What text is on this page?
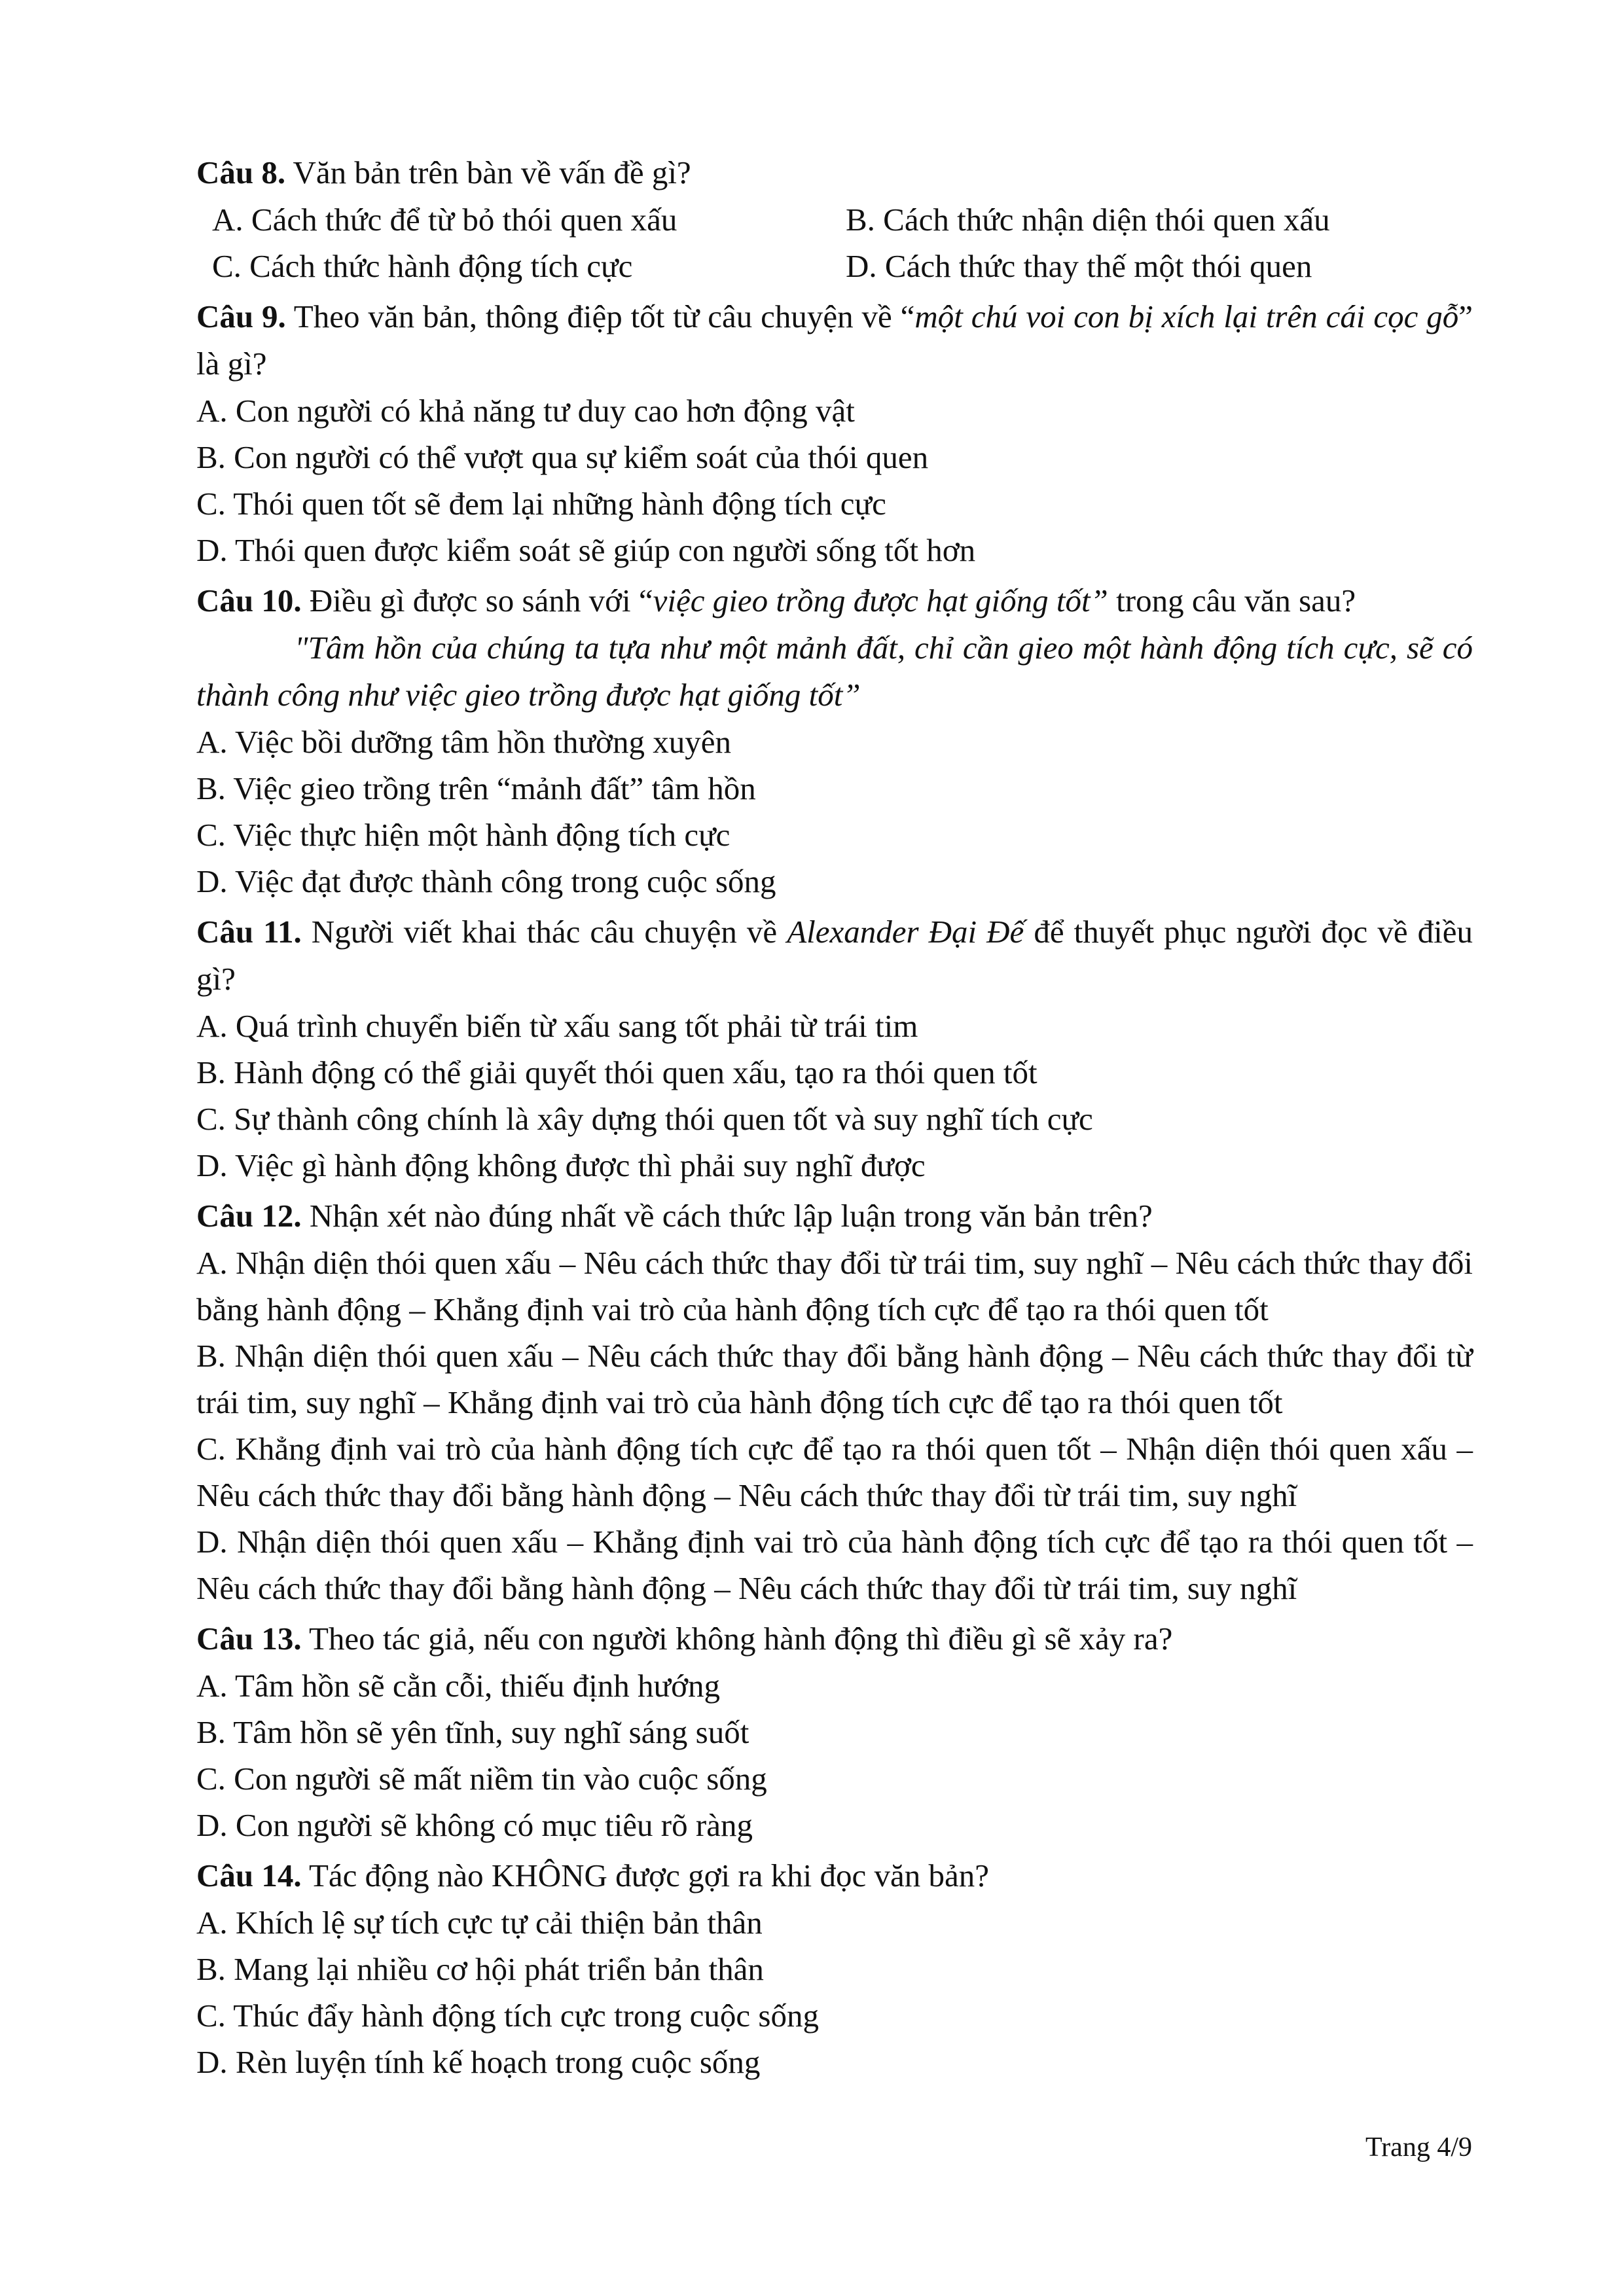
Câu 8. Văn bản trên bàn về vấn đề gì?

A. Cách thức để từ bỏ thói quen xấu	B. Cách thức nhận diện thói quen xấu

C. Cách thức hành động tích cực	D. Cách thức thay thế một thói quen

Câu 9. Theo văn bản, thông điệp tốt từ câu chuyện về “một chú voi con bị xích lại trên cái cọc gỗ” là gì?

A. Con người có khả năng tư duy cao hơn động vật

B. Con người có thể vượt qua sự kiểm soát của thói quen

C. Thói quen tốt sẽ đem lại những hành động tích cực

D. Thói quen được kiểm soát sẽ giúp con người sống tốt hơn

Câu 10. Điều gì được so sánh với “việc gieo trồng được hạt giống tốt” trong câu văn sau?

"Tâm hồn của chúng ta tựa như một mảnh đất, chỉ cần gieo một hành động tích cực, sẽ có thành công như việc gieo trồng được hạt giống tốt”

A. Việc bồi dưỡng tâm hồn thường xuyên

B. Việc gieo trồng trên “mảnh đất” tâm hồn

C. Việc thực hiện một hành động tích cực

D. Việc đạt được thành công trong cuộc sống

Câu 11. Người viết khai thác câu chuyện về Alexander Đại Đế để thuyết phục người đọc về điều gì?

A. Quá trình chuyển biến từ xấu sang tốt phải từ trái tim

B. Hành động có thể giải quyết thói quen xấu, tạo ra thói quen tốt

C. Sự thành công chính là xây dựng thói quen tốt và suy nghĩ tích cực

D. Việc gì hành động không được thì phải suy nghĩ được

Câu 12. Nhận xét nào đúng nhất về cách thức lập luận trong văn bản trên?

A. Nhận diện thói quen xấu – Nêu cách thức thay đổi từ trái tim, suy nghĩ – Nêu cách thức thay đổi bằng hành động – Khẳng định vai trò của hành động tích cực để tạo ra thói quen tốt

B. Nhận diện thói quen xấu – Nêu cách thức thay đổi bằng hành động – Nêu cách thức thay đổi từ trái tim, suy nghĩ – Khẳng định vai trò của hành động tích cực để tạo ra thói quen tốt

C. Khẳng định vai trò của hành động tích cực để tạo ra thói quen tốt – Nhận diện thói quen xấu – Nêu cách thức thay đổi bằng hành động – Nêu cách thức thay đổi từ trái tim, suy nghĩ

D. Nhận diện thói quen xấu – Khẳng định vai trò của hành động tích cực để tạo ra thói quen tốt – Nêu cách thức thay đổi bằng hành động – Nêu cách thức thay đổi từ trái tim, suy nghĩ

Câu 13. Theo tác giả, nếu con người không hành động thì điều gì sẽ xảy ra?

A. Tâm hồn sẽ cằn cỗi, thiếu định hướng

B. Tâm hồn sẽ yên tĩnh, suy nghĩ sáng suốt

C. Con người sẽ mất niềm tin vào cuộc sống

D. Con người sẽ không có mục tiêu rõ ràng

Câu 14. Tác động nào KHÔNG được gợi ra khi đọc văn bản?

A. Khích lệ sự tích cực tự cải thiện bản thân

B. Mang lại nhiều cơ hội phát triển bản thân

C. Thúc đẩy hành động tích cực trong cuộc sống

D. Rèn luyện tính kế hoạch trong cuộc sống

Trang 4/9
